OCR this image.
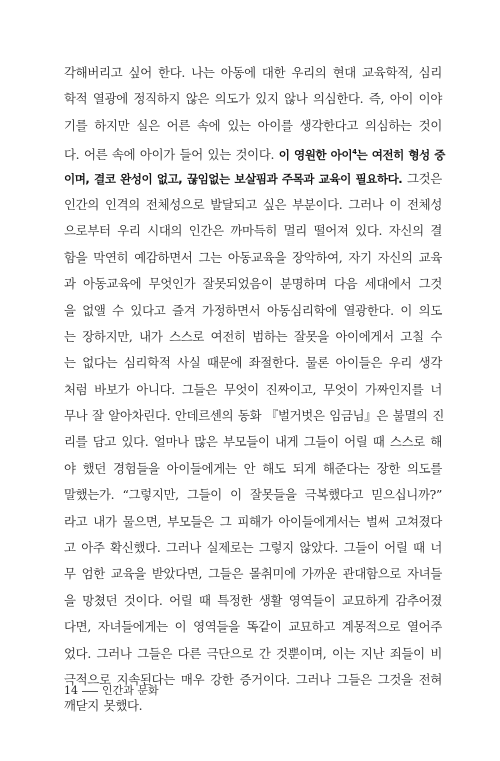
각해버리고 싶어 한다. 나는 아동에 대한 우리의 현대 교육학적, 심리
학적 열광에 정직하지 않은 의도가 있지 않나 의심한다. 즉, 아이 이야
기를 하지만 실은 어른 속에 있는 아이를 생각한다고 의심하는 것이
다. 어른 속에 아이가 들어 있는 것이다. 이 영원한 아이$^4$는 여전히 형성 중
이며, 결코 완성이 없고, 끊임없는 보살핌과 주목과 교육이 필요하다. 그것은
인간의 인격의 전체성으로 발달되고 싶은 부분이다. 그러나 이 전체성
으로부터 우리 시대의 인간은 까마득히 멀리 떨어져 있다. 자신의 결
함을 막연히 예감하면서 그는 아동교육을 장악하여, 자기 자신의 교육
과 아동교육에 무엇인가 잘못되었음이 분명하며 다음 세대에서 그것
을 없앨 수 있다고 즐겨 가정하면서 아동심리학에 열광한다. 이 의도
는 장하지만, 내가 스스로 여전히 범하는 잘못을 아이에게서 고칠 수
는 없다는 심리학적 사실 때문에 좌절한다. 물론 아이들은 우리 생각
처럼 바보가 아니다. 그들은 무엇이 진짜이고, 무엇이 가짜인지를 너
무나 잘 알아차린다. 안데르센의 동화 『벌거벗은 임금님』은 불멸의 진
리를 담고 있다. 얼마나 많은 부모들이 내게 그들이 어릴 때 스스로 해
야 했던 경험들을 아이들에게는 안 해도 되게 해준다는 장한 의도를
말했는가. “그렇지만, 그들이 이 잘못들을 극복했다고 믿으십니까?”
라고 내가 물으면, 부모들은 그 피해가 아이들에게서는 벌써 고쳐졌다
고 아주 확신했다. 그러나 실제로는 그렇지 않았다. 그들이 어릴 때 너
무 엄한 교육을 받았다면, 그들은 몰취미에 가까운 관대함으로 자녀들
을 망쳤던 것이다. 어릴 때 특정한 생활 영역들이 교묘하게 감추어졌
다면, 자녀들에게는 이 영역들을 똑같이 교묘하고 계몽적으로 열어주
었다. 그러나 그들은 다른 극단으로 간 것뿐이며, 이는 지난 죄들이 비
극적으로 지속된다는 매우 강한 증거이다. 그러나 그들은 그것을 전혀
깨닫지 못했다.
14 인간과 문화
